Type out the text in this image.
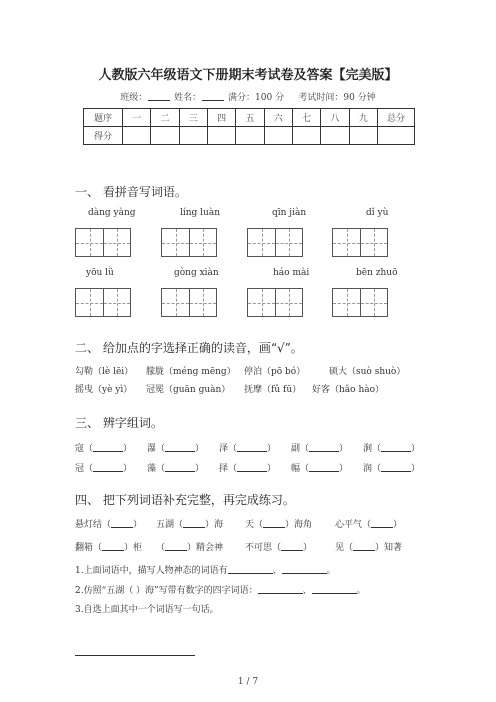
人教版六年级语文下册期末考试卷及答案【完美版】
班级：	姓名：	满分：100 分 考试时间：90 分钟
题序	一	二	三	四	五	六	七	八	九	总分
得分										
一、 看拼音写词语。
dàng yàng	líng luàn	qīn jiàn	dǐ yù
yōu lǜ	gòng xiàn	háo mài	bēn zhuō
二、 给加点的字选择正确的读音，画“√”。
勾勒（lè lēi） 朦胧（méng mēng） 停泊（pō bó）	硕大（suò shuò）
摇曳（yè yì） 冠冕（guān guàn） 抚摩（fǔ fū） 好客（hǎo hào）
三、 辨字组词。
寇（	） 瀑（	） 泽（	） 副（	） 涧（	）
冠（	） 藻（	） 择（	） 幅（	） 润（	）
四、 把下列词语补充完整，再完成练习。
悬灯结（ ） 五湖（ ）海 天（ ）海角	心平气（ ）
翻箱（ ）柜 （ ）精会神 不可思（ ）	见（ ）知著
1.上面词语中，描写人物神态的词语有	、	。
2.仿照“五湖（ ）海”写带有数字的四字词语：	、	。
3.自选上面其中一个词语写一句话。
1 / 7
